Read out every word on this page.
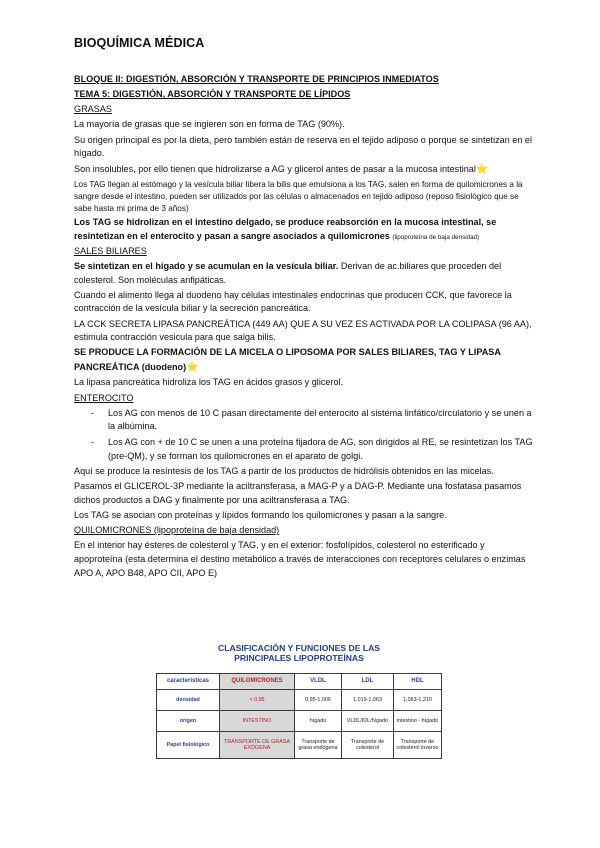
BIOQUÍMICA MÉDICA

BLOQUE II: DIGESTIÓN, ABSORCIÓN Y TRANSPORTE DE PRINCIPIOS INMEDIATOS

TEMA 5: DIGESTIÓN, ABSORCIÓN Y TRANSPORTE DE LÍPIDOS

GRASAS

La mayoría de grasas que se ingieren son en forma de TAG (90%).

Su origen principal es por la dieta, pero también están de reserva en el tejido adiposo o porque se sintetizan en el hígado.

Son insolubles, por ello tienen que hidrolizarse a AG y glicerol antes de pasar a la mucosa intestinal⭐

Los TAG llegan al estómago y la vesícula biliar libera la bilis que emulsiona a los TAG, salen en forma de quilomicrones a la sangre desde el intestino, pueden ser utilizados por las células o almacenados en tejido adiposo (reposo fisiológico que se sabe hasta mi prima de 3 años)

Los TAG se hidrolizan en el intestino delgado, se produce reabsorción en la mucosa intestinal, se resintetizan en el enterocito y pasan a sangre asociados a quilomicrones (lipoproteína de baja densidad)

SALES BILIARES

Se sintetizan en el hígado y se acumulan en la vesícula biliar. Derivan de ac.biliares que proceden del colesterol. Son moléculas anfipáticas.

Cuando el alimento llega al duodeno hay células intestinales endocrinas que producen CCK, que favorece la contracción de la vesícula biliar y la secreción pancreática.

LA CCK SECRETA LIPASA PANCREÁTICA (449 AA) QUE A SU VEZ ES ACTIVADA POR LA COLIPASA (96 AA), estimula contracción vesicula para que salga bilis.

SE PRODUCE LA FORMACIÓN DE LA MICELA O LIPOSOMA POR SALES BILIARES, TAG Y LIPASA PANCREÁTICA (duodeno)⭐

La lipasa pancreática hidroliza los TAG en ácidos grasos y glicerol.

ENTEROCITO

- Los AG con menos de 10 C pasan directamente del enterocito al sistema linfático/circulatorio y se unen a la albúmina.
- Los AG con + de 10 C se unen a una proteína fijadora de AG, son dirigidos al RE, se resintetizan los TAG (pre-QM), y se forman los quilomicrones en el aparato de golgi.

Aquí se produce la resíntesis de los TAG a partir de los productos de hidrólisis obtenidos en las micelas.

Pasamos el GLICEROL-3P mediante la aciltransferasa, a MAG-P y a DAG-P. Mediante una fosfatasa pasamos dichos productos a DAG y finalmente por una aciltransferasa a TAG.

Los TAG se asocian con proteínas y lípidos formando los quilomicrones y pasan a la sangre.

QUILOMICRONES (lipoproteína de baja densidad)

En el interior hay ésteres de colesterol y TAG, y en el exterior: fosfolípidos, colesterol no esterificado y apoproteína (esta determina el destino metabólico a través de interacciones con receptores celulares o enzimas APO A, APO B48, APO CII, APO E)

CLASIFICACIÓN Y FUNCIONES DE LAS
PRINCIPALES LIPOPROTEÍNAS
características	QUILOMICRONES	VLDL	LDL	HDL
densidad	< 0,95	0,95-1,006	1,019-1,063	1,063-1,210
origen	INTESTINO	hígado	VLDL/IDL/hígado	intestino - hígado
Papel fisiológico	TRANSPORTE DE GRASA EXÓGENA	Transporte de grasa endógena	Transporte de colesterol	Transporte de colesterol inverso
